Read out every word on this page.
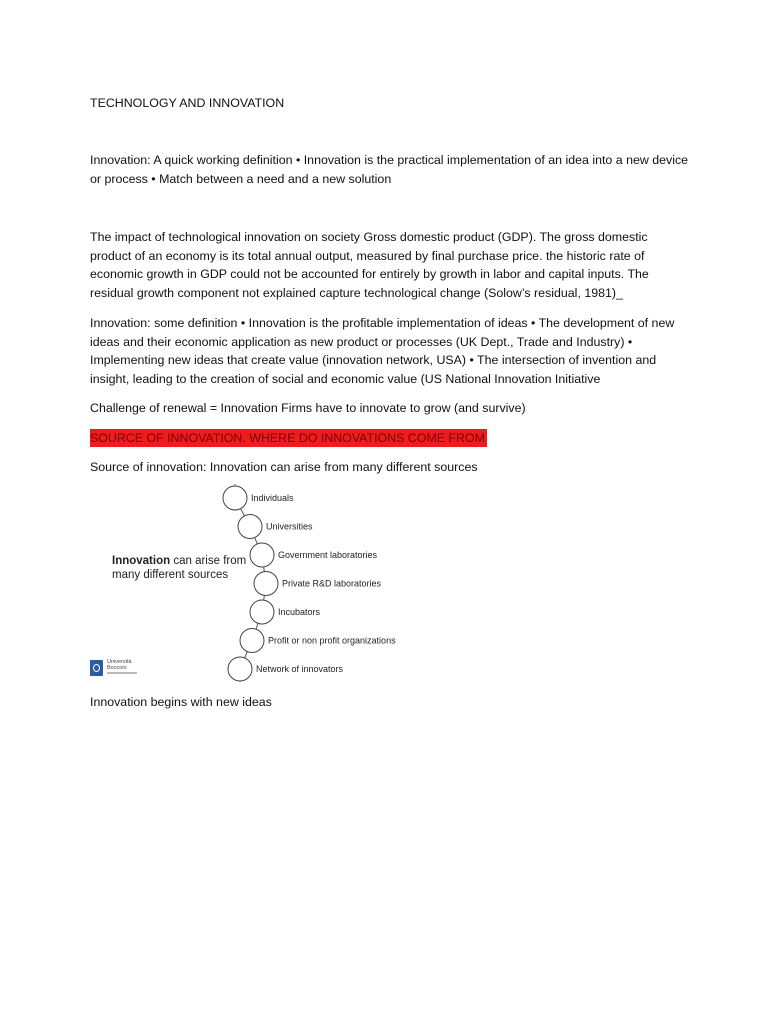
TECHNOLOGY AND INNOVATION

Innovation: A quick working definition • Innovation is the practical implementation of an idea into a new device or process • Match between a need and a new solution

The impact of technological innovation on society Gross domestic product (GDP). The gross domestic product of an economy is its total annual output, measured by final purchase price. the historic rate of economic growth in GDP could not be accounted for entirely by growth in labor and capital inputs. The residual growth component not explained capture technological change (Solow’s residual, 1981)_

Innovation: some definition • Innovation is the profitable implementation of ideas • The development of new ideas and their economic application as new product or processes (UK Dept., Trade and Industry) • Implementing new ideas that create value (innovation network, USA) • The intersection of invention and insight, leading to the creation of social and economic value (US National Innovation Initiative

Challenge of renewal = Innovation Firms have to innovate to grow (and survive)

SOURCE OF INNOVATION. WHERE DO INNOVATIONS COME FROM

Source of innovation: Innovation can arise from many different sources

Innovation can arise from many different sources
Individuals
Universities
Government laboratories
Private R&D laboratories
Incubators
Profit or non profit organizations
Network of innovators
Università
Bocconi

Innovation begins with new ideas
